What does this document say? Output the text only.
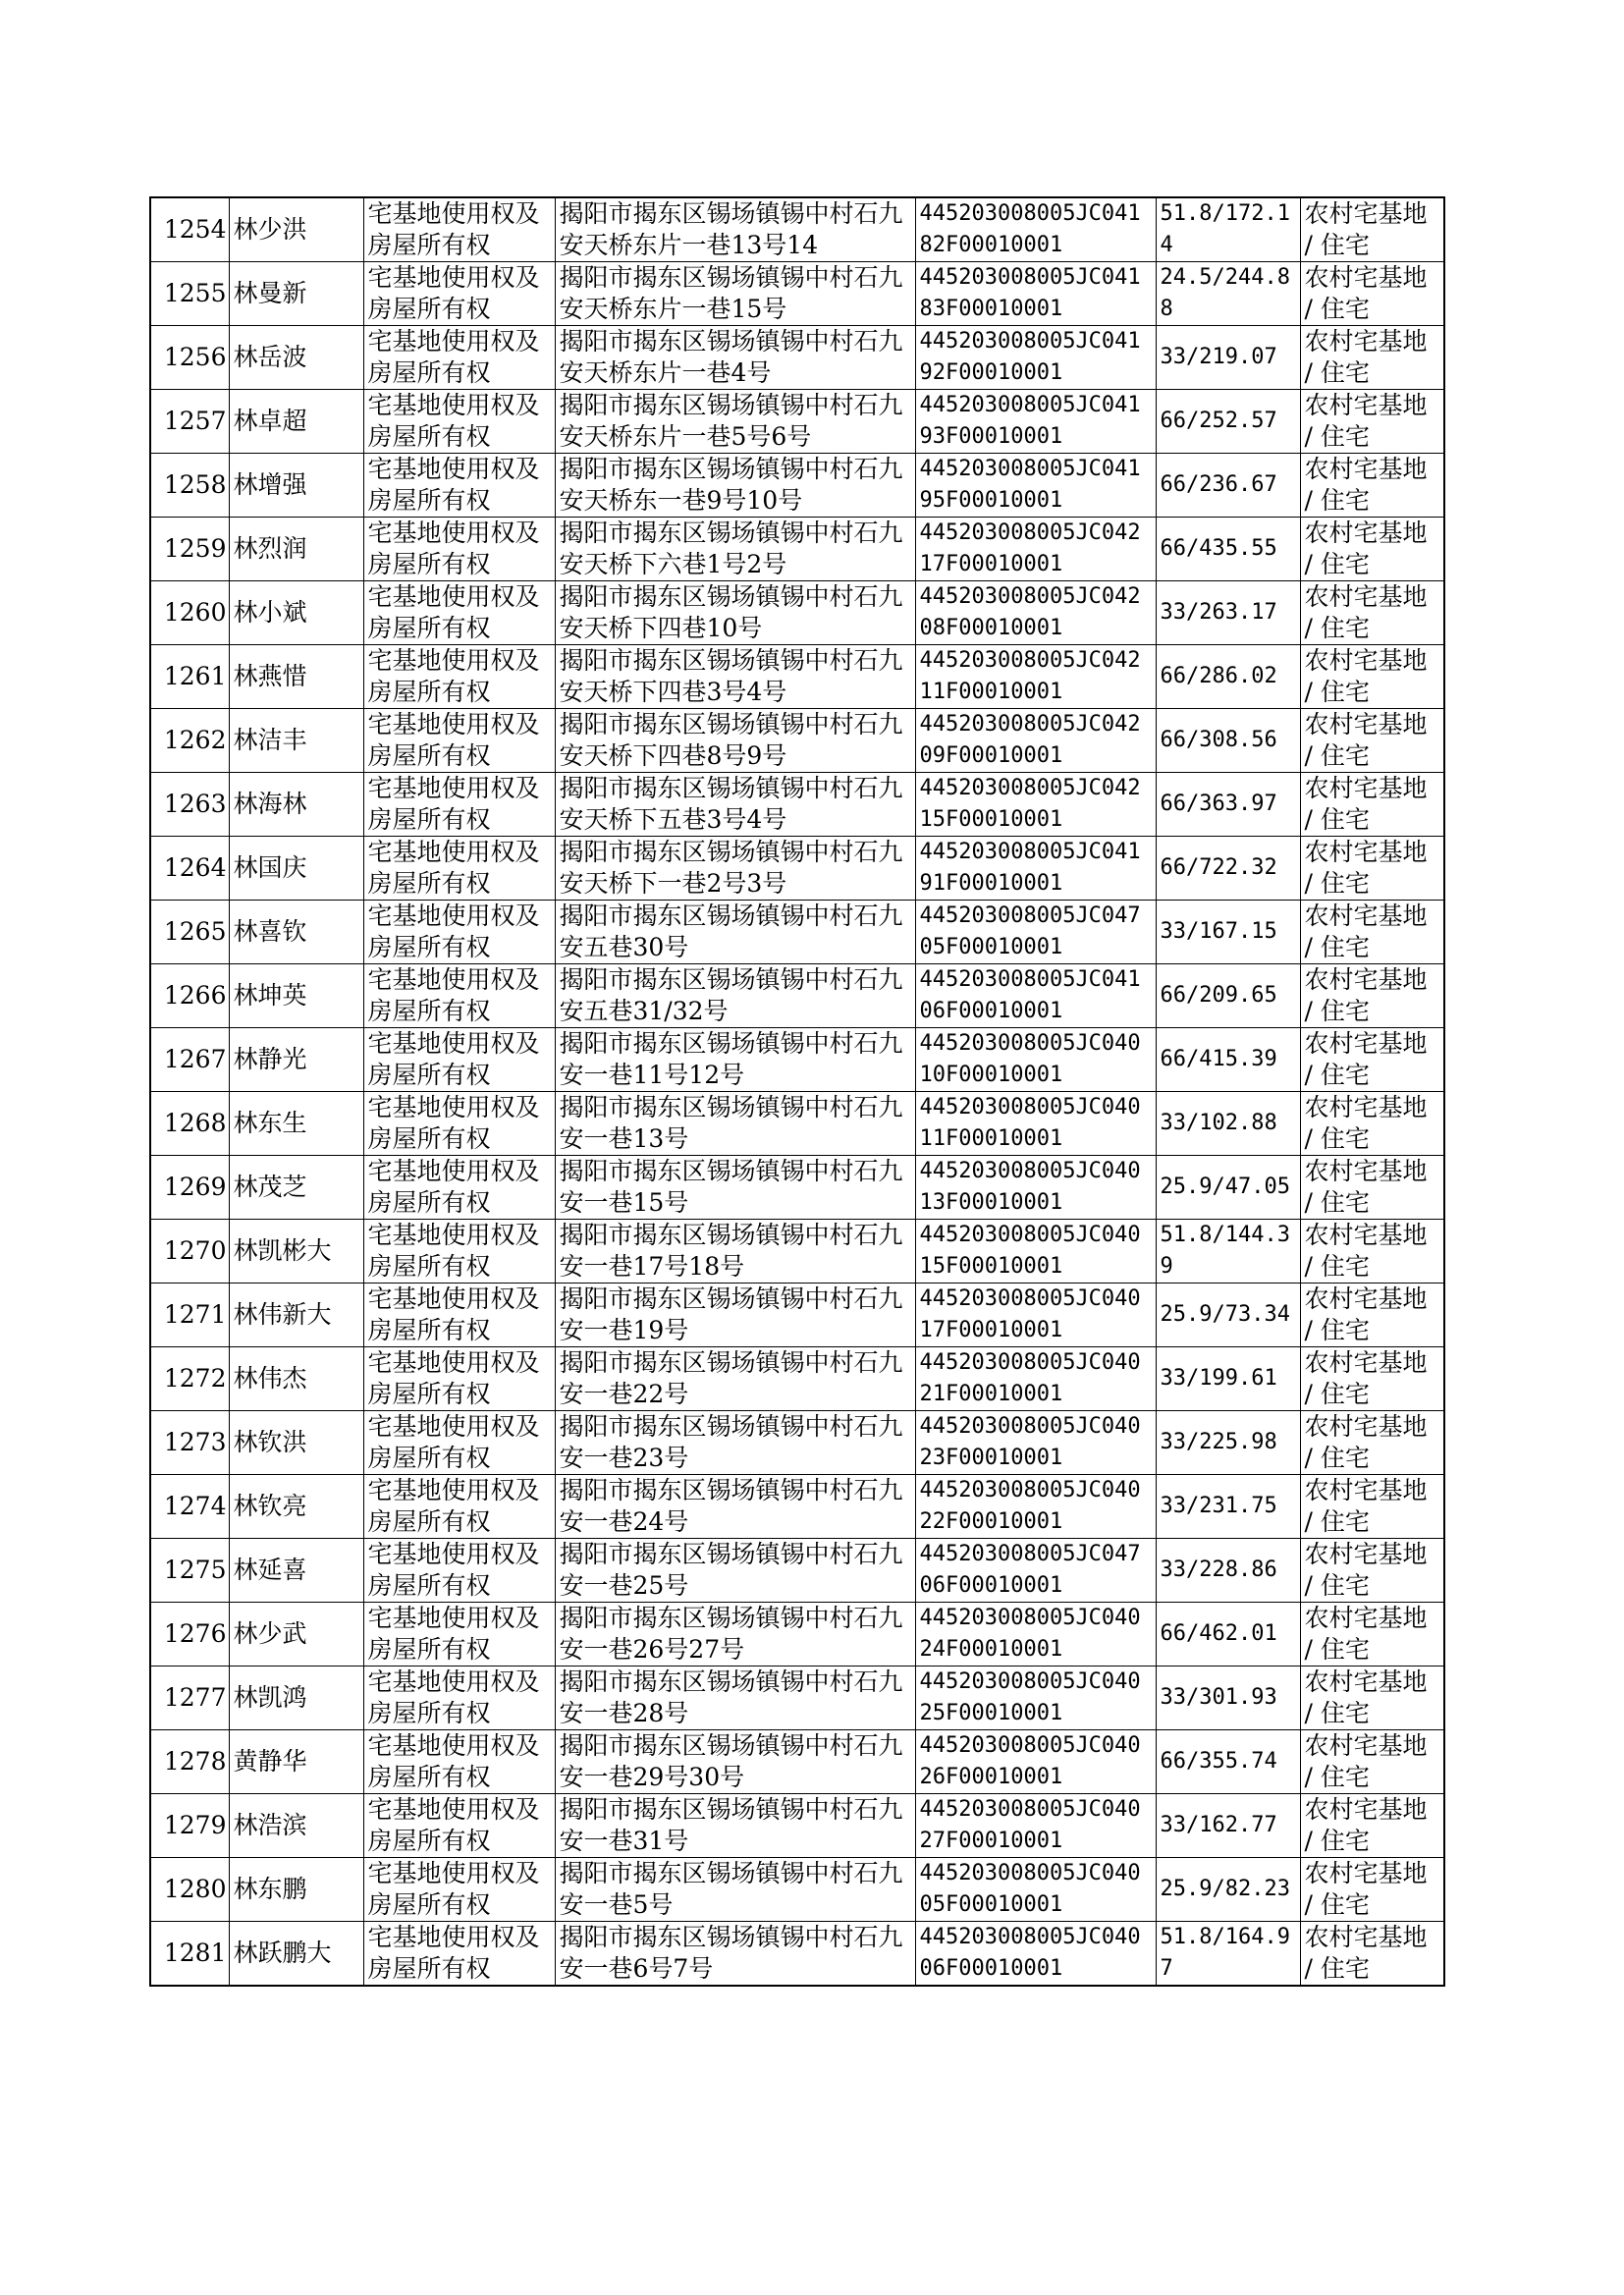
1254	林少洪	宅基地使用权及房屋所有权	揭阳市揭东区锡场镇锡中村石九安天桥东片一巷13号14	445203008005JC04182F00010001	51.8/172.14	农村宅基地 / 住宅
1255	林曼新	宅基地使用权及房屋所有权	揭阳市揭东区锡场镇锡中村石九安天桥东片一巷15号	445203008005JC04183F00010001	24.5/244.88	农村宅基地 / 住宅
1256	林岳波	宅基地使用权及房屋所有权	揭阳市揭东区锡场镇锡中村石九安天桥东片一巷4号	445203008005JC04192F00010001	33/219.07	农村宅基地 / 住宅
1257	林卓超	宅基地使用权及房屋所有权	揭阳市揭东区锡场镇锡中村石九安天桥东片一巷5号6号	445203008005JC04193F00010001	66/252.57	农村宅基地 / 住宅
1258	林增强	宅基地使用权及房屋所有权	揭阳市揭东区锡场镇锡中村石九安天桥东一巷9号10号	445203008005JC04195F00010001	66/236.67	农村宅基地 / 住宅
1259	林烈润	宅基地使用权及房屋所有权	揭阳市揭东区锡场镇锡中村石九安天桥下六巷1号2号	445203008005JC04217F00010001	66/435.55	农村宅基地 / 住宅
1260	林小斌	宅基地使用权及房屋所有权	揭阳市揭东区锡场镇锡中村石九安天桥下四巷10号	445203008005JC04208F00010001	33/263.17	农村宅基地 / 住宅
1261	林燕惜	宅基地使用权及房屋所有权	揭阳市揭东区锡场镇锡中村石九安天桥下四巷3号4号	445203008005JC04211F00010001	66/286.02	农村宅基地 / 住宅
1262	林洁丰	宅基地使用权及房屋所有权	揭阳市揭东区锡场镇锡中村石九安天桥下四巷8号9号	445203008005JC04209F00010001	66/308.56	农村宅基地 / 住宅
1263	林海林	宅基地使用权及房屋所有权	揭阳市揭东区锡场镇锡中村石九安天桥下五巷3号4号	445203008005JC04215F00010001	66/363.97	农村宅基地 / 住宅
1264	林国庆	宅基地使用权及房屋所有权	揭阳市揭东区锡场镇锡中村石九安天桥下一巷2号3号	445203008005JC04191F00010001	66/722.32	农村宅基地 / 住宅
1265	林喜钦	宅基地使用权及房屋所有权	揭阳市揭东区锡场镇锡中村石九安五巷30号	445203008005JC04705F00010001	33/167.15	农村宅基地 / 住宅
1266	林坤英	宅基地使用权及房屋所有权	揭阳市揭东区锡场镇锡中村石九安五巷31/32号	445203008005JC04106F00010001	66/209.65	农村宅基地 / 住宅
1267	林静光	宅基地使用权及房屋所有权	揭阳市揭东区锡场镇锡中村石九安一巷11号12号	445203008005JC04010F00010001	66/415.39	农村宅基地 / 住宅
1268	林东生	宅基地使用权及房屋所有权	揭阳市揭东区锡场镇锡中村石九安一巷13号	445203008005JC04011F00010001	33/102.88	农村宅基地 / 住宅
1269	林茂芝	宅基地使用权及房屋所有权	揭阳市揭东区锡场镇锡中村石九安一巷15号	445203008005JC04013F00010001	25.9/47.05	农村宅基地 / 住宅
1270	林凯彬大	宅基地使用权及房屋所有权	揭阳市揭东区锡场镇锡中村石九安一巷17号18号	445203008005JC04015F00010001	51.8/144.39	农村宅基地 / 住宅
1271	林伟新大	宅基地使用权及房屋所有权	揭阳市揭东区锡场镇锡中村石九安一巷19号	445203008005JC04017F00010001	25.9/73.34	农村宅基地 / 住宅
1272	林伟杰	宅基地使用权及房屋所有权	揭阳市揭东区锡场镇锡中村石九安一巷22号	445203008005JC04021F00010001	33/199.61	农村宅基地 / 住宅
1273	林钦洪	宅基地使用权及房屋所有权	揭阳市揭东区锡场镇锡中村石九安一巷23号	445203008005JC04023F00010001	33/225.98	农村宅基地 / 住宅
1274	林钦亮	宅基地使用权及房屋所有权	揭阳市揭东区锡场镇锡中村石九安一巷24号	445203008005JC04022F00010001	33/231.75	农村宅基地 / 住宅
1275	林延喜	宅基地使用权及房屋所有权	揭阳市揭东区锡场镇锡中村石九安一巷25号	445203008005JC04706F00010001	33/228.86	农村宅基地 / 住宅
1276	林少武	宅基地使用权及房屋所有权	揭阳市揭东区锡场镇锡中村石九安一巷26号27号	445203008005JC04024F00010001	66/462.01	农村宅基地 / 住宅
1277	林凯鸿	宅基地使用权及房屋所有权	揭阳市揭东区锡场镇锡中村石九安一巷28号	445203008005JC04025F00010001	33/301.93	农村宅基地 / 住宅
1278	黄静华	宅基地使用权及房屋所有权	揭阳市揭东区锡场镇锡中村石九安一巷29号30号	445203008005JC04026F00010001	66/355.74	农村宅基地 / 住宅
1279	林浩滨	宅基地使用权及房屋所有权	揭阳市揭东区锡场镇锡中村石九安一巷31号	445203008005JC04027F00010001	33/162.77	农村宅基地 / 住宅
1280	林东鹏	宅基地使用权及房屋所有权	揭阳市揭东区锡场镇锡中村石九安一巷5号	445203008005JC04005F00010001	25.9/82.23	农村宅基地 / 住宅
1281	林跃鹏大	宅基地使用权及房屋所有权	揭阳市揭东区锡场镇锡中村石九安一巷6号7号	445203008005JC04006F00010001	51.8/164.97	农村宅基地 / 住宅
